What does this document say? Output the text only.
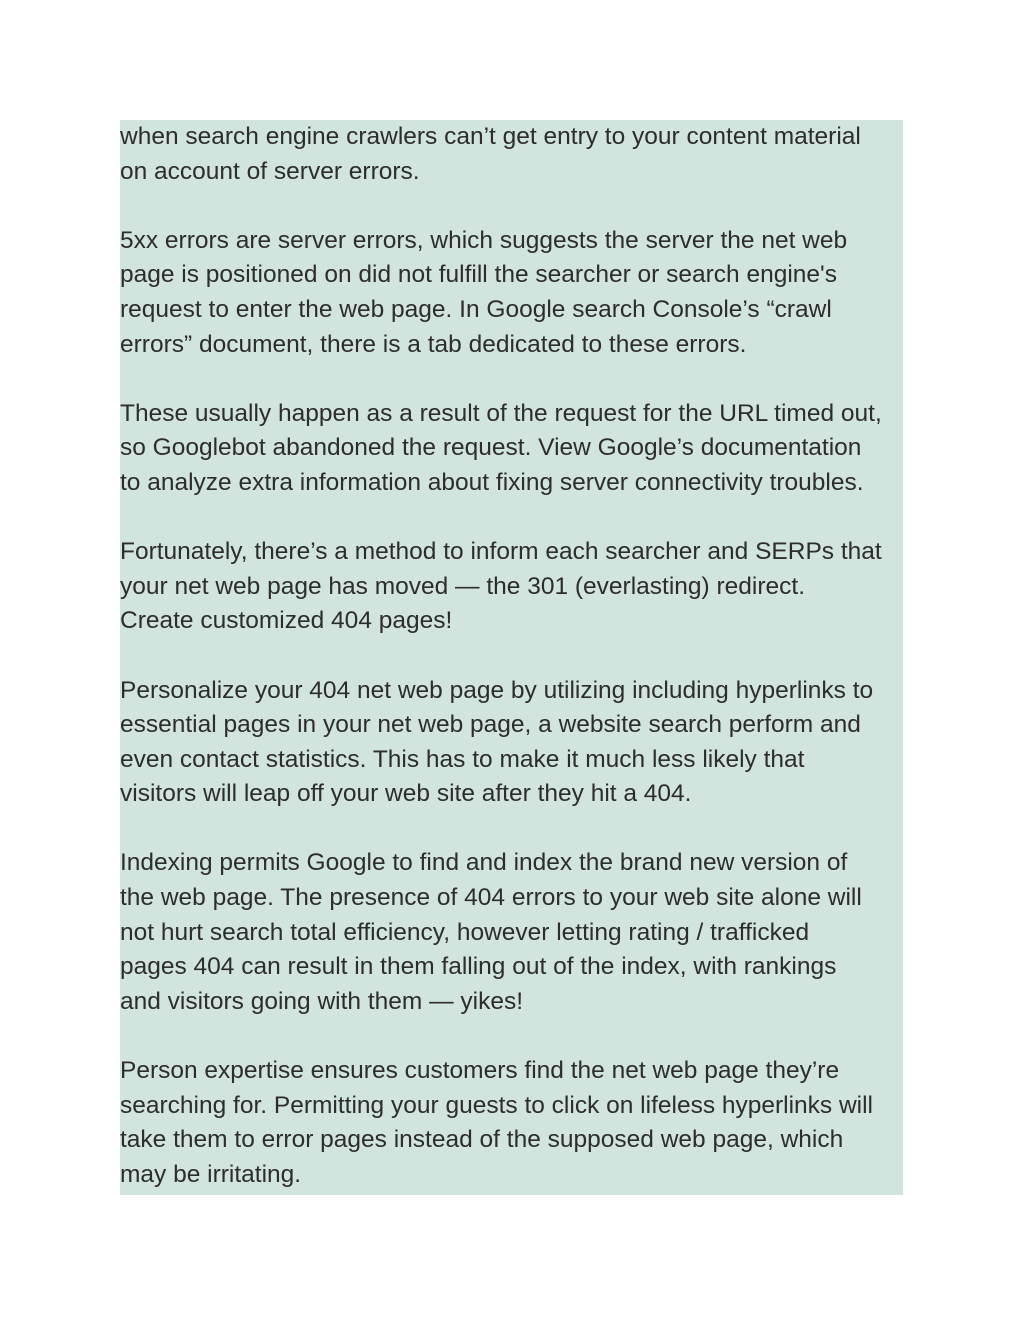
when search engine crawlers can’t get entry to your content material

on account of server errors.

5xx errors are server errors, which suggests the server the net web

page is positioned on did not fulfill the searcher or search engine's

request to enter the web page. In Google search Console’s “crawl

errors” document, there is a tab dedicated to these errors.

These usually happen as a result of the request for the URL timed out,

so Googlebot abandoned the request. View Google’s documentation

to analyze extra information about fixing server connectivity troubles.

Fortunately, there’s a method to inform each searcher and SERPs that

your net web page has moved — the 301 (everlasting) redirect.

Create customized 404 pages!

Personalize your 404 net web page by utilizing including hyperlinks to

essential pages in your net web page, a website search perform and

even contact statistics. This has to make it much less likely that

visitors will leap off your web site after they hit a 404.

Indexing permits Google to find and index the brand new version of

the web page. The presence of 404 errors to your web site alone will

not hurt search total efficiency, however letting rating / trafficked

pages 404 can result in them falling out of the index, with rankings

and visitors going with them — yikes!

Person expertise ensures customers find the net web page they’re

searching for. Permitting your guests to click on lifeless hyperlinks will

take them to error pages instead of the supposed web page, which

may be irritating.
